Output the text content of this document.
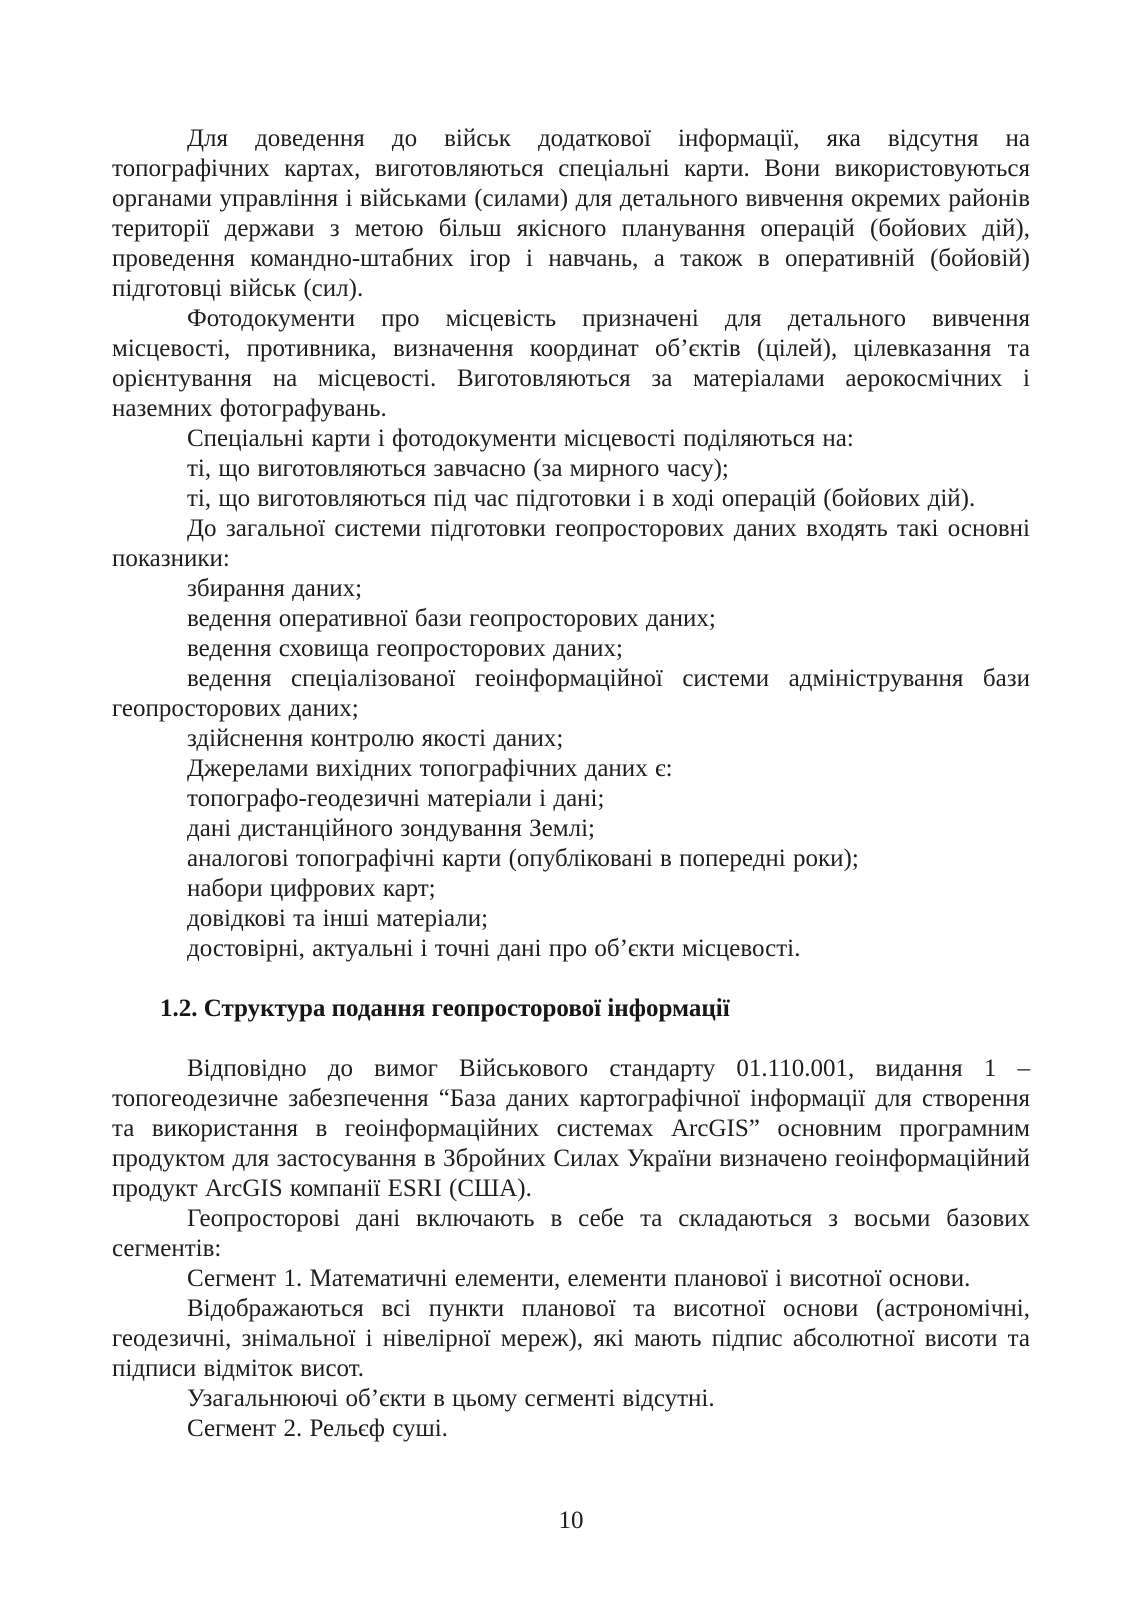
Для доведення до військ додаткової інформації, яка відсутня на топографічних картах, виготовляються спеціальні карти. Вони використовуються органами управління і військами (силами) для детального вивчення окремих районів території держави з метою більш якісного планування операцій (бойових дій), проведення командно-штабних ігор і навчань, а також в оперативній (бойовій) підготовці військ (сил).

Фотодокументи про місцевість призначені для детального вивчення місцевості, противника, визначення координат об’єктів (цілей), цілевказання та орієнтування на місцевості. Виготовляються за матеріалами аерокосмічних і наземних фотографувань.

Спеціальні карти і фотодокументи місцевості поділяються на:

ті, що виготовляються завчасно (за мирного часу);

ті, що виготовляються під час підготовки і в ході операцій (бойових дій).

До загальної системи підготовки геопросторових даних входять такі основні показники:

збирання даних;

ведення оперативної бази геопросторових даних;

ведення сховища геопросторових даних;

ведення спеціалізованої геоінформаційної системи адміністрування бази геопросторових даних;

здійснення контролю якості даних;

Джерелами вихідних топографічних даних є:

топографо-геодезичні матеріали і дані;

дані дистанційного зондування Землі;

аналогові топографічні карти (опубліковані в попередні роки);

набори цифрових карт;

довідкові та інші матеріали;

достовірні, актуальні і точні дані про об’єкти місцевості.

1.2. Структура подання геопросторової інформації

Відповідно до вимог Військового стандарту 01.110.001, видання 1 – топогеодезичне забезпечення “База даних картографічної інформації для створення та використання в геоінформаційних системах ArcGIS” основним програмним продуктом для застосування в Збройних Силах України визначено геоінформаційний продукт ArcGIS компанії ESRI (США).

Геопросторові дані включають в себе та складаються з восьми базових сегментів:

Сегмент 1. Математичні елементи, елементи планової і висотної основи.

Відображаються всі пункти планової та висотної основи (астрономічні, геодезичні, знімальної і нівелірної мереж), які мають підпис абсолютної висоти та підписи відміток висот.

Узагальнюючі об’єкти в цьому сегменті відсутні.

Сегмент 2. Рельєф суші.

10
